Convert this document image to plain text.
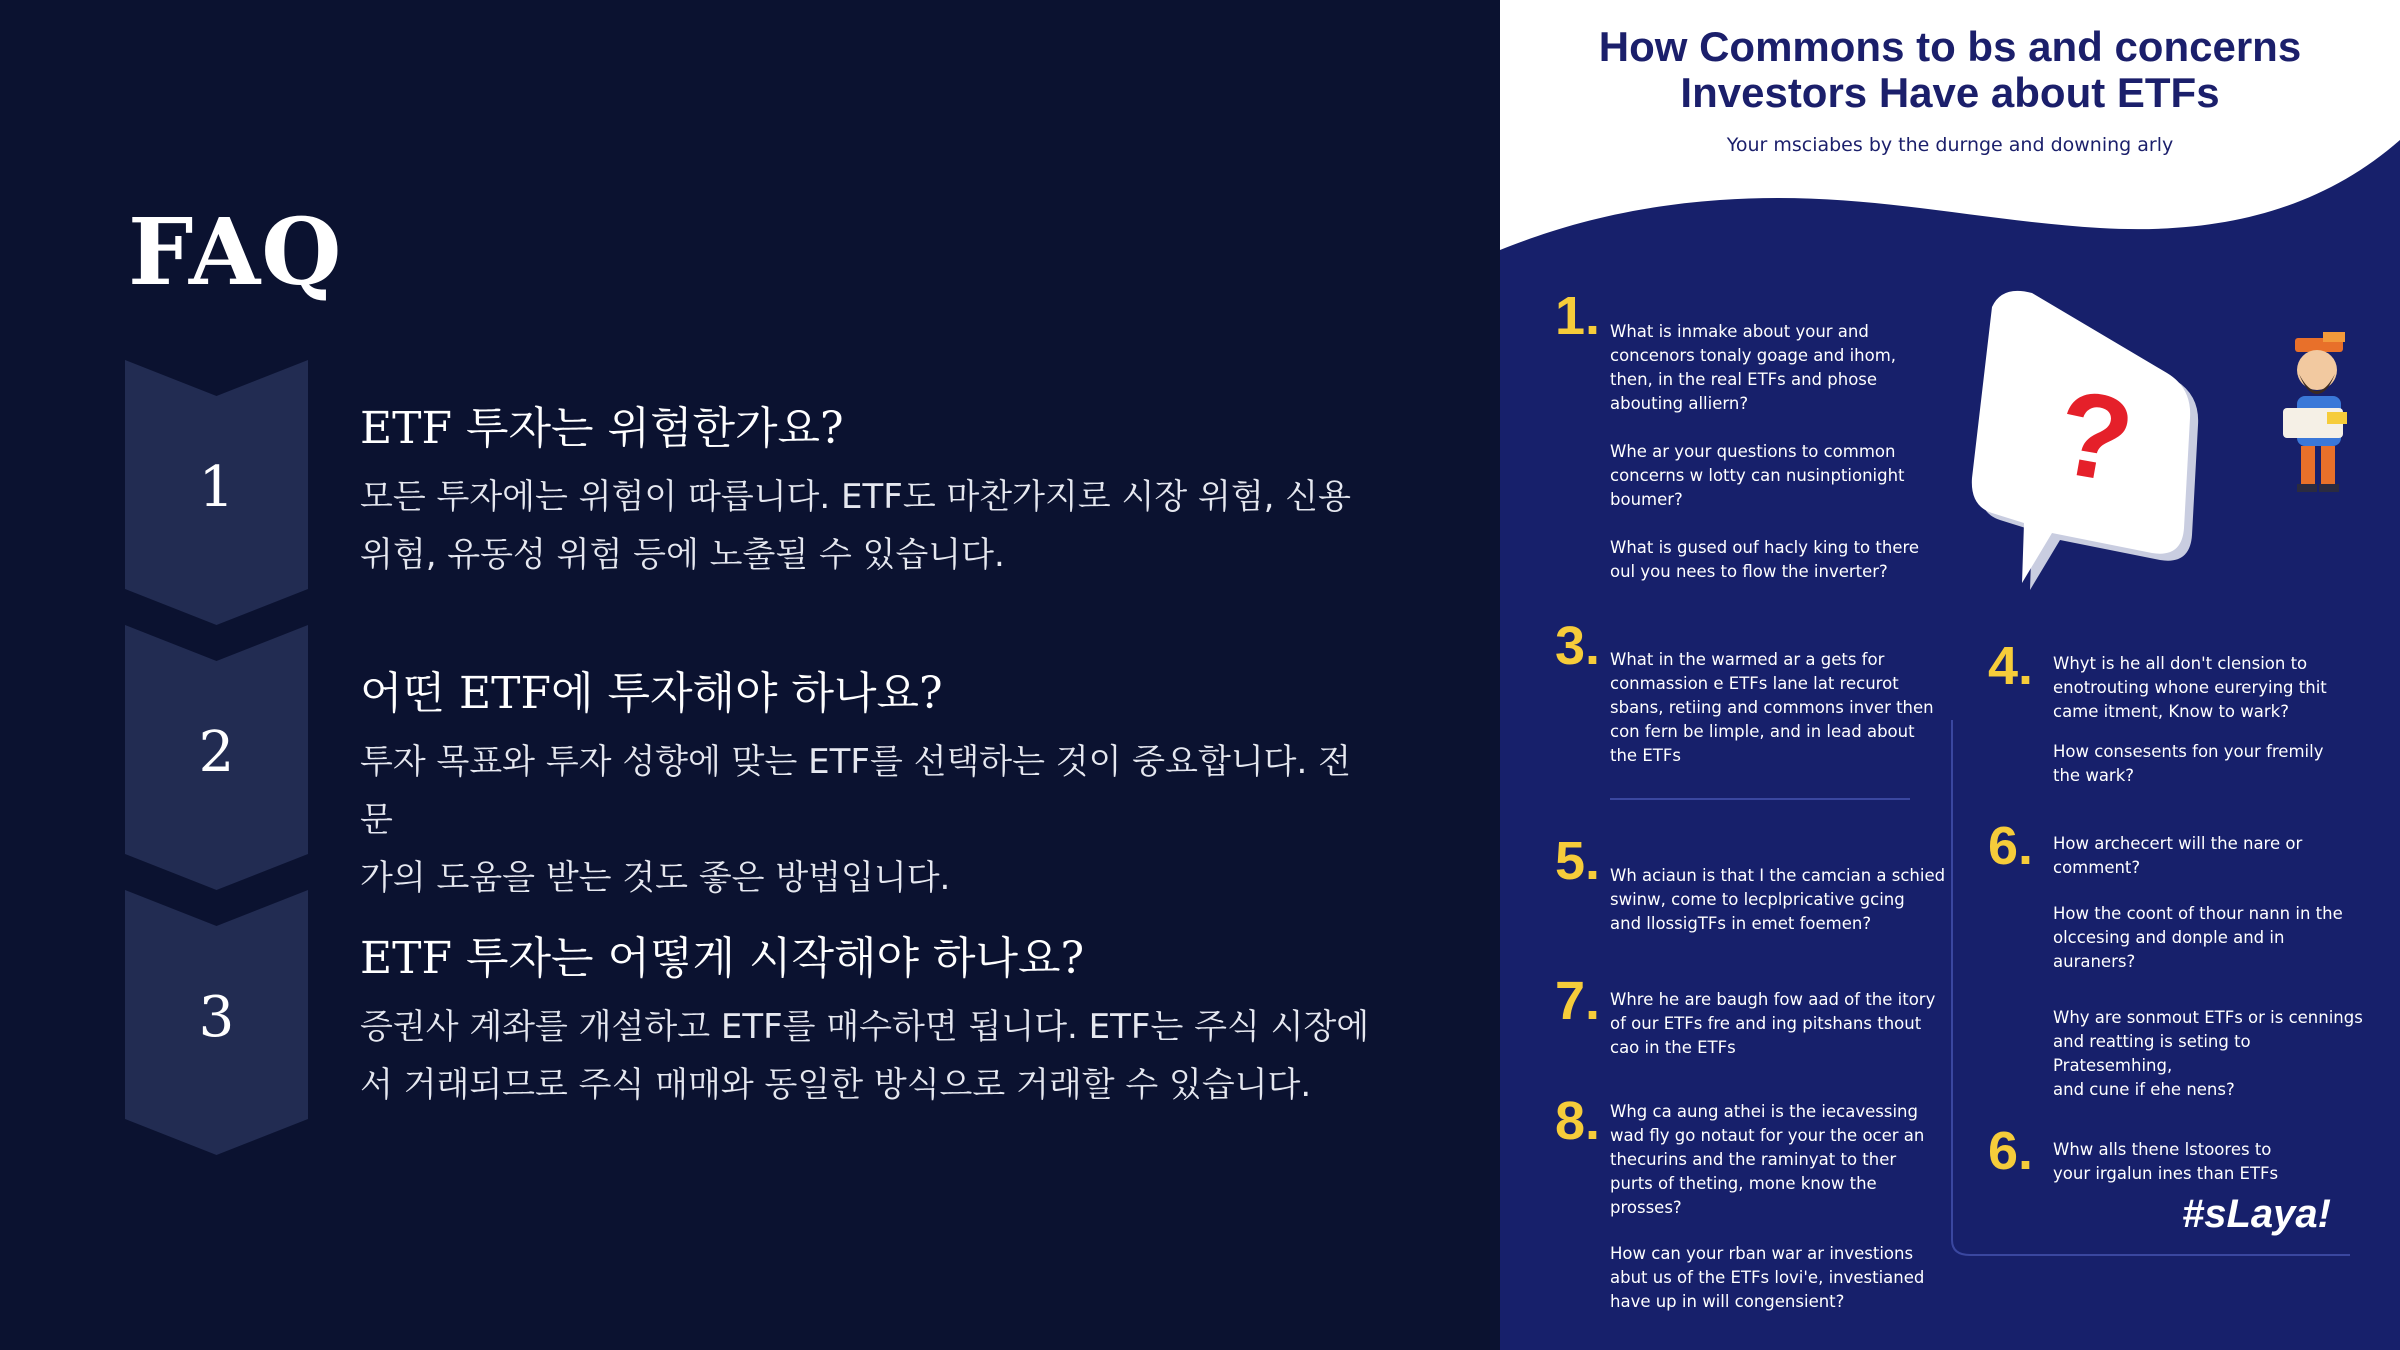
FAQ
1
2
3
ETF 투자는 위험한가요?
모든 투자에는 위험이 따릅니다. ETF도 마찬가지로 시장 위험, 신용
위험, 유동성 위험 등에 노출될 수 있습니다.
어떤 ETF에 투자해야 하나요?
투자 목표와 투자 성향에 맞는 ETF를 선택하는 것이 중요합니다. 전문
가의 도움을 받는 것도 좋은 방법입니다.
ETF 투자는 어떻게 시작해야 하나요?
증권사 계좌를 개설하고 ETF를 매수하면 됩니다. ETF는 주식 시장에
서 거래되므로 주식 매매와 동일한 방식으로 거래할 수 있습니다.
How Commons to bs and concerns
Investors Have about ETFs
Your msciabes by the durnge and downing arly
?
1. What is inmake about your and
concenors tonaly goage and ihom,
then, in the real ETFs and phose
abouting alliern?
Whe ar your questions to common
concerns w lotty can nusinptionight
boumer?
What is gused ouf hacly king to there
oul you nees to flow the inverter?
3. What in the warmed ar a gets for
conmassion e ETFs lane lat recurot
sbans, retiing and commons inver then
con fern be limple, and in lead about
the ETFs
5. Wh aciaun is that I the camcian a schied
swinw, come to lecplpricative gcing
and llossigTFs in emet foemen?
7. Whre he are baugh fow aad of the itory
of our ETFs fre and ing pitshans thout
cao in the ETFs
8. Whg ca aung athei is the iecavessing
wad fly go notaut for your the ocer an
thecurins and the raminyat to ther
purts of theting, mone know the
prosses?
How can your rban war ar investions
abut us of the ETFs lovi'e, investianed
have up in will congensient?
4. Whyt is he all don't clension to
enotrouting whone eurerying thit
came itment, Know to wark?
How consesents fon your fremily
the wark?
6. How archecert will the nare or
comment?
How the coont of thour nann in the
olccesing and donple and in
auraners?
Why are sonmout ETFs or is cennings
and reatting is seting to Pratesemhing,
and cune if ehe nens?
6. Whw alls thene lstoores to
your irgalun ines than ETFs
#sLaya!
